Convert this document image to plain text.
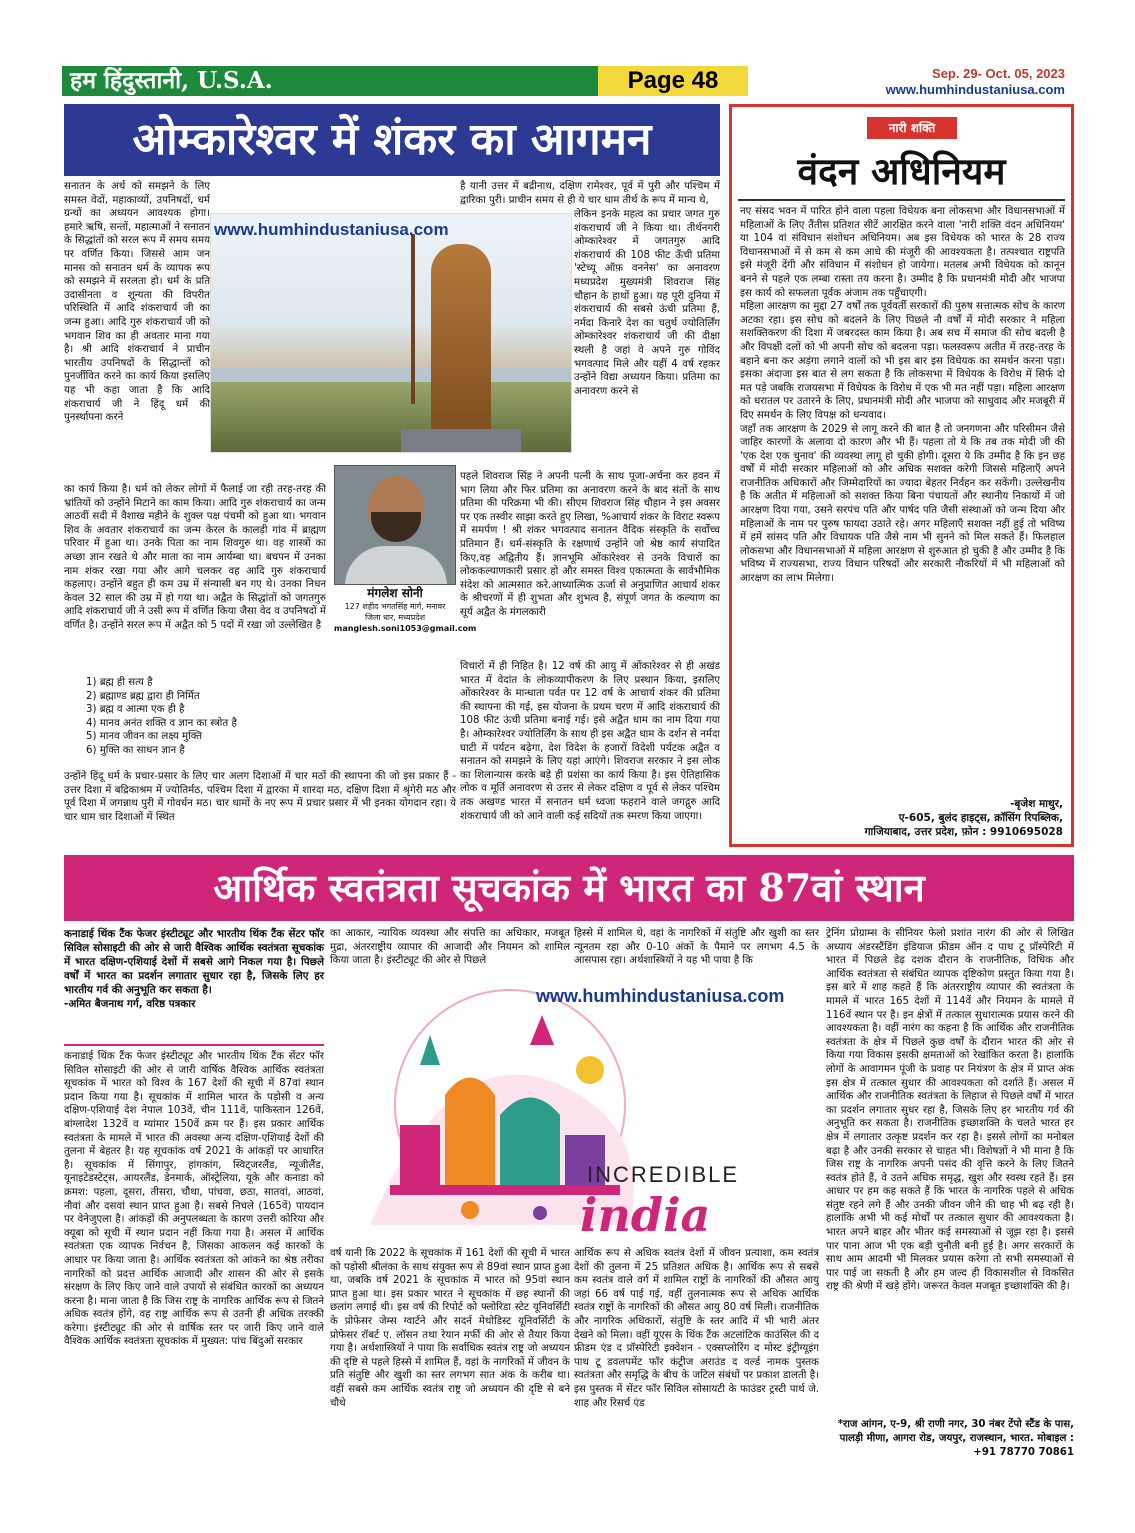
हम हिंदुस्तानी, U.S.A.	Page 48	Sep. 29- Oct. 05, 2023
www.humhindustaniusa.com
ओम्कारेश्वर में शंकर का आगमन
सनातन के अर्थ को समझने के लिए समस्त वेदों, महाकाव्यों, उपनिषदों, धर्म ग्रन्थों का अध्ययन आवश्यक होगा। हमारे ऋषि, सन्तों, महात्माओं ने सनातन के सिद्धांतों को सरल रूप में समय समय पर वर्णित किया। जिससे आम जन मानस को सनातन धर्म के व्यापक रूप को समझने में सरलता हो। धर्म के प्रति उदासीनता व शून्यता की विपरीत परिस्थिति में आदि शंकराचार्य जी का जन्म हुआ। आदि गुरु शंकराचार्य जी को भगवान शिव का ही अवतार माना गया है। श्री आदि शंकराचार्य ने प्राचीन भारतीय उपनिषदों के सिद्धान्तों को पुनर्जीवित करने का कार्य किया इसलिए यह भी कहा जाता है कि आदि शंकराचार्य जी ने हिंदू धर्म की पुनर्स्थापना करने
www.humhindustaniusa.com
है यानी उत्तर में बद्रीनाथ, दक्षिण रामेश्वर, पूर्व में पुरी और पश्चिम में द्वारिका पुरी। प्राचीन समय से ही ये चार धाम तीर्थ के रूप में मान्य थे,
लेकिन इनके महत्व का प्रचार जगत गुरु शंकराचार्य जी ने किया था। तीर्थनगरी ओम्कारेश्वर में जगतगुरु आदि शंकराचार्य की 108 फीट ऊँची प्रतिमा 'स्टेच्यू ऑफ़ वननेस' का अनावरण मध्यप्रदेश मुख्यमंत्री शिवराज सिंह चौहान के हाथों हुआ। यह पूरी दुनिया में शंकराचार्य की सबसे ऊंची प्रतिमा हैं, नर्मदा किनारे देश का चतुर्थ ज्योतिर्लिंग ओम्कारेश्वर शंकराचार्य जी की दीक्षा स्थली है जहां वे अपने गुरु गोविंद भगवत्पाद मिले और यहीं 4 वर्ष रहकर उन्होंने विद्या अध्ययन किया। प्रतिमा का अनावरण करने से

का कार्य किया है। धर्म को लेकर लोगों में फैलाई जा रही तरह-तरह की भ्रांतियों को उन्होंने मिटाने का काम किया। आदि गुरु शंकराचार्य का जन्म आठवीं सदी में वैशाख महीने के शुक्ल पक्ष पंचमी को हुआ था। भगवान शिव के अवतार शंकराचार्य का जन्म केरल के कालड़ी गांव में ब्राह्मण परिवार में हुआ था। उनके पिता का नाम शिवगुरु था। वह शास्त्रों का अच्छा ज्ञान रखते थे और माता का नाम आर्यम्बा था। बचपन में उनका नाम शंकर रखा गया और आगे चलकर वह आदि गुरु शंकराचार्य कहलाए। उन्होंने बहुत ही कम उम्र में संन्यासी बन गए थे। उनका निधन केवल 32 साल की उम्र में हो गया था। अद्वैत के सिद्धांतों को जगतगुरु आदि शंकराचार्य जी ने उसी रूप में वर्णित किया जैसा वेद व उपनिषदों में वर्णित है। उन्होंने सरल रूप में अद्वैत को 5 पदों में रखा जो उल्लेखित है

1) ब्रह्म ही सत्य है
2) ब्रह्माण्ड ब्रह्म द्वारा ही निर्मित
3) ब्रह्म व आत्मा एक ही है
4) मानव अनंत शक्ति व ज्ञान का स्त्रोत है
5) मानव जीवन का लक्ष्य मुक्ति
6) मुक्ति का साधन ज्ञान है
उन्होंने हिंदू धर्म के प्रचार-प्रसार के लिए चार अलग दिशाओं में चार मठों की स्थापना की जो इस प्रकार हैं - उत्तर दिशा में बद्रिकाश्रम में ज्योतिर्मठ, पश्चिम दिशा में द्वारका में शारदा मठ, दक्षिण दिशा में श्रृंगेरी मठ और पूर्व दिशा में जगन्नाथ पुरी में गोवर्धन मठ। चार धामों के नए रूप में प्रचार प्रसार में भी इनका योगदान रहा। ये चार धाम चार दिशाओं में स्थित
मंगलेश सोनी
127 शहीद भगतसिंह मार्ग, मनावर
जिला धार, मध्यप्रदेश
manglesh.soni1053@gmail.com
पहले शिवराज सिंह ने अपनी पत्नी के साथ पूजा-अर्चना कर हवन में भाग लिया और फिर प्रतिमा का अनावरण करने के बाद संतों के साथ प्रतिमा की परिक्रमा भी की। सीएम शिवराज सिंह चौहान ने इस अवसर पर एक तस्वीर साझा करते हुए लिखा, %आचार्य शंकर के विराट स्वरूप में समर्पण ! श्री शंकर भगवत्पाद सनातन वैदिक संस्कृति के सर्वोच्च प्रतिमान हैं। धर्म-संस्कृति के रक्षणार्थ उन्होंने जो श्रेष्ठ कार्य संपादित किए,वह अद्वितीय हैं। ज्ञानभूमि ओंकारेश्वर से उनके विचारों का लोककल्याणकारी प्रसार हो और समस्त विश्व एकात्मता के सार्वभौमिक संदेश को आत्मसात करे.आध्यात्मिक ऊर्जा से अनुप्राणित आचार्य शंकर के श्रीचरणों में ही शुभता और शुभत्व है, संपूर्ण जगत के कल्याण का सूर्य अद्वैत के मंगलकारी
विचारों में ही निहित है। 12 वर्ष की आयु में ओंकारेश्वर से ही अखंड भारत में वेदांत के लोकव्यापीकरण के लिए प्रस्थान किया, इसलिए ओंकारेश्वर के मान्धाता पर्वत पर 12 वर्ष के आचार्य शंकर की प्रतिमा की स्थापना की गई, इस योजना के प्रथम चरण में आदि शंकराचार्य की 108 फीट ऊंची प्रतिमा बनाई गई। इसे अद्वैत धाम का नाम दिया गया है। ओम्कारेश्वर ज्योतिर्लिंग के साथ ही इस अद्वैत धाम के दर्शन से नर्मदा घाटी में पर्यटन बढ़ेगा, देश विदेश के हजारों विदेशी पर्यटक अद्वैत व सनातन को समझने के लिए यहां आएंगे। शिवराज सरकार ने इस लोक का शिलान्यास करके बड़े ही प्रशंसा का कार्य किया है। इस ऐतिहासिक लोक व मूर्ति अनावरण से उत्तर से लेकर दक्षिण व पूर्व से लेकर पश्चिम तक अखण्ड भारत में सनातन धर्म ध्वजा फहराने वाले जगद्गुरु आदि शंकराचार्य जी को आने वाली कई सदियों तक स्मरण किया जाएगा।
नारी शक्ति
वंदन अधिनियम

नए संसद भवन में पारित होने वाला पहला विधेयक बना लोकसभा और विधानसभाओं में महिलाओं के लिए तैंतीस प्रतिशत सीटें आरक्षित करने वाला 'नारी शक्ति वंदन अधिनियम' या 104 वां संविधान संशोधन अधिनियम। अब इस विधेयक को भारत के 28 राज्य विधानसभाओं में से कम से कम आधे की मंजूरी की आवश्यकता है। तत्पश्चात राष्ट्रपति इसे मंजूरी देंगी और संविधान में संशोधन हो जायेगा। मतलब अभी विधेयक को कानून बनने से पहले एक लम्बा रास्ता तय करना है। उम्मीद है कि प्रधानमंत्री मोदी और भाजपा इस कार्य को सफलता पूर्वक अंजाम तक पहुँचाएगी।

महिला आरक्षण का मुद्दा 27 वर्षों तक पूर्ववर्ती सरकारों की पुरुष सत्तात्मक सोच के कारण अटका रहा। इस सोच को बदलने के लिए पिछले नौ वर्षों में मोदी सरकार ने महिला सशक्तिकरण की दिशा में जबरदस्त काम किया है। अब सच में समाज की सोच बदली है और विपक्षी दलों को भी अपनी सोच को बदलना पड़ा। फलस्वरूप अतीत में तरह-तरह के बहाने बना कर अड़ंगा लगाने वालों को भी इस बार इस विधेयक का समर्थन करना पड़ा। इसका अंदाजा इस बात से लग सकता है कि लोकसभा में विधेयक के विरोध में सिर्फ दो मत पड़े जबकि राजयसभा में विधेयक के विरोध में एक भी मत नहीं पड़ा। महिला आरक्षण को धरातल पर उतारने के लिए, प्रधानमंत्री मोदी और भाजपा को साधुवाद और मजबूरी में दिए समर्थन के लिए विपक्ष को धन्यवाद।

जहाँ तक आरक्षण के 2029 से लागू करने की बात है तो जनगणना और परिसीमन जैसे जाहिर कारणों के अलावा दो कारण और भी हैं। पहला तो ये कि तब तक मोदी जी की 'एक देश एक चुनाव' की व्यवस्था लागू हो चुकी होगी। दूसरा ये कि उम्मीद है कि इन छह वर्षों में मोदी सरकार महिलाओं को और अधिक सशक्त करेगी जिससे महिलाएँ अपने राजनीतिक अधिकारों और जिम्मेदारियों का ज्यादा बेहतर निर्वहन कर सकेंगी। उल्लेखनीय है कि अतीत में महिलाओं को सशक्त किया बिना पंचायतों और स्थानीय निकायों में जो आरक्षण दिया गया, उसने सरपंच पति और पार्षद पति जैसी संस्थाओं को जन्म दिया और महिलाओं के नाम पर पुरुष फायदा उठाते रहे। अगर महिलाएँ सशक्त नहीं हुई तो भविष्य में हमें सांसद पति और विधायक पति जैसे नाम भी सुनने को मिल सकते हैं। फिलहाल लोकसभा और विधानसभाओं में महिला आरक्षण से शुरुआत हो चुकी है और उम्मीद है कि भविष्य में राज्यसभा, राज्य विधान परिषदों और सरकारी नौकरियों में भी महिलाओं को आरक्षण का लाभ मिलेगा।

-बृजेश माथुर,
ए-605, बुलंद हाइट्स, क्रॉसिंग रिपब्लिक,
गाजियाबाद, उत्तर प्रदेश, फ़ोन : 9910695028
आर्थिक स्वतंत्रता सूचकांक में भारत का 87वां स्थान
कनाडाई थिंक टैंक फेजर इंस्टीट्यूट और भारतीय थिंक टैंक सेंटर फॉर सिविल सोसाइटी की ओर से जारी वैश्विक आर्थिक स्वतंत्रता सूचकांक में भारत दक्षिण-एशियाई देशों में सबसे आगे निकल गया है। पिछले वर्षों में भारत का प्रदर्शन लगातार सुधार रहा है, जिसके लिए हर भारतीय गर्व की अनुभूति कर सकता है।
-अमित बैजनाथ गर्ग, वरिष्ठ पत्रकार
कनाडाई थिंक टैंक फेजर इंस्टीट्यूट और भारतीय थिंक टैंक सेंटर फॉर सिविल सोसाइटी की ओर से जारी वार्षिक वैश्विक आर्थिक स्वतंत्रता सूचकांक में भारत को विश्व के 167 देशों की सूची में 87वां स्थान प्रदान किया गया है। सूचकांक में शामिल भारत के पड़ोसी व अन्य दक्षिण-एशियाई देश नेपाल 103वें, चीन 111वें, पाकिस्तान 126वें, बांग्लादेश 132वें व म्यांमार 150वें क्रम पर हैं। इस प्रकार आर्थिक स्वतंत्रता के मामले में भारत की अवस्था अन्य दक्षिण-एशियाई देशों की तुलना में बेहतर है। यह सूचकांक वर्ष 2021 के आंकड़ों पर आधारित है। सूचकांक में सिंगापुर, हांगकांग, स्विट्जरलैंड, न्यूजीलैंड, यूनाइटेडस्टेट्स, आयरलैंड, डेनमार्क, ऑस्ट्रेलिया, यूके और कनाडा को क्रमश: पहला, दूसरा, तीसरा, चौथा, पांचवा, छठा, सातवां, आठवां, नौवां और दसवां स्थान प्राप्त हुआ है। सबसे निचले (165वें) पायदान पर वेनेजुएला है। आंकड़ों की अनुपलब्धता के कारण उत्तरी कोरिया और क्यूबा को सूची में स्थान प्रदान नहीं किया गया है। असल में आर्थिक स्वतंत्रता एक व्यापक निर्वचन है, जिसका आकलन कई कारकों के आधार पर किया जाता है। आर्थिक स्वतंत्रता को आंकने का श्रेष्ठ तरीका नागरिकों को प्रदत्त आर्थिक आजादी और शासन की ओर से इसके संरक्षण के लिए किए जाने वाले उपायों से संबंधित कारकों का अध्ययन करना है। माना जाता है कि जिस राष्ट्र के नागरिक आर्थिक रूप से जितने अधिक स्वतंत्र होंगे, वह राष्ट्र आर्थिक रूप से उतनी ही अधिक तरक्की करेगा। इंस्टीट्यूट की ओर से वार्षिक स्तर पर जारी किए जाने वाले वैश्विक आर्थिक स्वतंत्रता सूचकांक में मुख्यत: पांच बिंदुओं सरकार
का आकार, न्यायिक व्यवस्था और संपत्ति का अधिकार, मजबूत मुद्रा, अंतरराष्ट्रीय व्यापार की आजादी और नियमन को शामिल किया जाता है। इंस्टीट्यूट की ओर से पिछले
हिस्से में शामिल थे, वहां के नागरिकों में संतुष्टि और खुशी का स्तर न्यूनतम रहा और 0-10 अंकों के पैमाने पर लगभग 4.5 के आसपास रहा। अर्थशास्त्रियों ने यह भी पाया है कि
ट्रेनिंग प्रोग्राम्स के सीनियर फेलो प्रशांत नारंग की ओर से लिखित अध्याय अंडरस्टैंडिंग इंडियाज फ्रीडम ऑन द पाथ टू प्रॉस्पेरिटी में भारत में पिछले डेढ़ दशक दौरान के राजनीतिक, विधिक और आर्थिक स्वतंत्रता से संबंधित व्यापक दृष्टिकोण प्रस्तुत किया गया है। इस बारे में शाह कहते हैं कि अंतरराष्ट्रीय व्यापार की स्वतंत्रता के मामले में भारत 165 देशों में 114वें और नियमन के मामले में 116वें स्थान पर है। इन क्षेत्रों में तत्काल सुधारात्मक प्रयास करने की आवश्यकता है। वहीं नारंग का कहना है कि आर्थिक और राजनीतिक स्वतंत्रता के क्षेत्र में पिछले कुछ वर्षों के दौरान भारत की ओर से किया गया विकास इसकी क्षमताओं को रेखांकित करता है। हालांकि लोगों के आवागमन पूंजी के प्रवाह पर नियंत्रण के क्षेत्र में प्राप्त अंक इस क्षेत्र में तत्काल सुधार की आवश्यकता को दर्शाते हैं। असल में आर्थिक और राजनीतिक स्वतंत्रता के लिहाज से पिछले वर्षों में भारत का प्रदर्शन लगातार सुधर रहा है, जिसके लिए हर भारतीय गर्व की अनुभूति कर सकता है। राजनीतिक इच्छाशक्ति के चलते भारत हर क्षेत्र में लगातार उत्कृष्ट प्रदर्शन कर रहा है। इससे लोगों का मनोबल बढ़ा है और उनकी सरकार से चाहत भी। विशेषज्ञों ने भी माना है कि जिस राष्ट्र के नागरिक अपनी पसंद की वृत्ति करने के लिए जितने स्वतंत्र होते हैं, वे उतने अधिक समृद्ध, खुश और स्वस्थ रहते हैं। इस आधार पर हम कह सकते हैं कि भारत के नागरिक पहले से अधिक संतुष्ट रहने लगे हैं और उनकी जीवन जीने की चाह भी बढ़ रही है। हालांकि अभी भी कई मोर्चों पर तत्काल सुधार की आवश्यकता है। भारत अपने बाहर और भीतर कई समस्याओं से जूझ रहा है। इससे पार पाना आज भी एक बड़ी चुनौती बनी हुई है। अगर सरकारों के साथ आम आदमी भी मिलकर प्रयास करेगा तो सभी समस्याओं से पार पाई जा सकती है और हम जल्द ही विकासशील से विकसित राष्ट्र की श्रेणी में खड़े होंगे। जरूरत केवल मजबूत इच्छाशक्ति की है।
www.humhindustaniusa.com
INCREDIBLE
india
वर्ष यानी कि 2022 के सूचकांक में 161 देशों की सूची में भारत को पड़ोसी श्रीलंका के साथ संयुक्त रूप से 89वां स्थान प्राप्त हुआ था, जबकि वर्ष 2021 के सूचकांक में भारत को 95वां स्थान प्राप्त हुआ था। इस प्रकार भारत ने सूचकांक में छह स्थानों की छलांग लगाई थी। इस वर्ष की रिपोर्ट को फ्लोरिडा स्टेट यूनिवर्सिटी के प्रोफेसर जेम्स ग्वार्टने और सदर्न मेथोडिस्ट यूनिवर्सिटी के प्रोफेसर रॉबर्ट ए. लॉसन तथा रेयान मर्फी की ओर से तैयार किया गया है। अर्थशास्त्रियों ने पाया कि सर्वाधिक स्वतंत्र राष्ट्र जो अध्ययन की दृष्टि से पहले हिस्से में शामिल हैं, वहां के नागरिकों में जीवन के प्रति संतुष्टि और खुशी का स्तर लगभग सात अंक के करीब था। वहीं सबसे कम आर्थिक स्वतंत्र राष्ट्र जो अध्ययन की दृष्टि से बने चौथे
आर्थिक रूप से अधिक स्वतंत्र देशों में जीवन प्रत्याशा, कम स्वतंत्र देशों की तुलना में 25 प्रतिशत अधिक है। आर्थिक रूप से सबसे कम स्वतंत्र वाले वर्ग में शामिल राष्ट्रों के नागरिकों की औसत आयु जहां 66 वर्ष पाई गई, वहीं तुलनात्मक रूप से अधिक आर्थिक स्वतंत्र राष्ट्रों के नागरिकों की औसत आयु 80 वर्ष मिली। राजनीतिक और नागरिक अधिकारों, संतुष्टि के स्तर आदि में भी भारी अंतर देखने को मिला। वहीं यूएस के थिंक टैंक अटलांटिक काउंसिल की द फ्रीडम एंड द प्रॉस्पेरिटी इक्वेशन - एक्सप्लोरिंग द मोस्ट इंट्रीग्यूइंग पाथ टू डवलपमेंट फॉर कंट्रीज अराउंड द वर्ल्ड नामक पुस्तक स्वतंत्रता और समृद्धि के बीच के जटिल संबंधों पर प्रकाश डालती है। इस पुस्तक में सेंटर फॉर सिविल सोसायटी के फाउंडर ट्रस्टी पार्थ जे. शाह और रिसर्च एंड
*राज आंगन, ए-9, श्री राणी नगर, 30 नंबर टेंपो स्टैंड के पास, पालड़ी मीणा, आगरा रोड, जयपुर, राजस्थान, भारत. मोबाइल : +91 78770 70861
